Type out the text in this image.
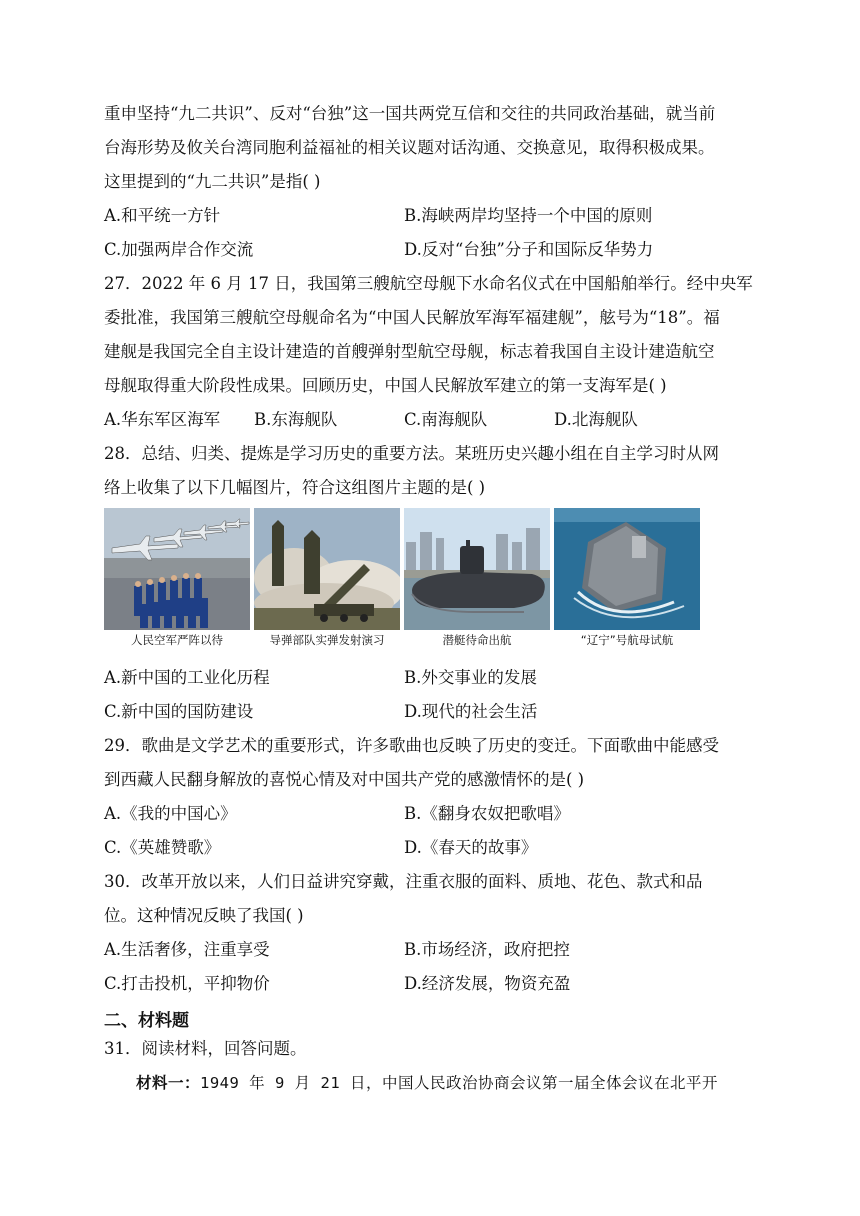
重申坚持“九二共识”、反对“台独”这一国共两党互信和交往的共同政治基础，就当前
台海形势及攸关台湾同胞利益福祉的相关议题对话沟通、交换意见，取得积极成果。
这里提到的“九二共识”是指( )
A.和平统一方针	B.海峡两岸均坚持一个中国的原则
C.加强两岸合作交流	D.反对“台独”分子和国际反华势力
27．2022 年 6 月 17 日，我国第三艘航空母舰下水命名仪式在中国船舶举行。经中央军
委批准，我国第三艘航空母舰命名为“中国人民解放军海军福建舰”，舷号为“18”。福
建舰是我国完全自主设计建造的首艘弹射型航空母舰，标志着我国自主设计建造航空
母舰取得重大阶段性成果。回顾历史，中国人民解放军建立的第一支海军是( )
A.华东军区海军 B.东海舰队	C.南海舰队	D.北海舰队
28．总结、归类、提炼是学习历史的重要方法。某班历史兴趣小组在自主学习时从网
络上收集了以下几幅图片，符合这组图片主题的是( )
人民空军严阵以待	导弹部队实弹发射演习	潜艇待命出航	“辽宁”号航母试航
A.新中国的工业化历程	B.外交事业的发展
C.新中国的国防建设	D.现代的社会生活
29．歌曲是文学艺术的重要形式，许多歌曲也反映了历史的变迁。下面歌曲中能感受
到西藏人民翻身解放的喜悦心情及对中国共产党的感激情怀的是( )
A.《我的中国心》	B.《翻身农奴把歌唱》
C.《英雄赞歌》	D.《春天的故事》
30．改革开放以来，人们日益讲究穿戴，注重衣服的面料、质地、花色、款式和品
位。这种情况反映了我国( )
A.生活奢侈，注重享受	B.市场经济，政府把控
C.打击投机，平抑物价	D.经济发展，物资充盈
二、材料题
31．阅读材料，回答问题。
材料一：1949 年 9 月 21 日，中国人民政治协商会议第一届全体会议在北平开
